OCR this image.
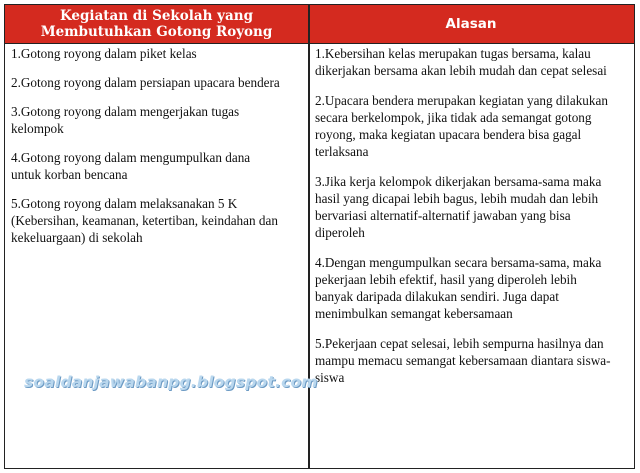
Kegiatan di Sekolah yang
Membutuhkan Gotong Royong	Alasan
1.Gotong royong dalam piket kelas
2.Gotong royong dalam persiapan upacara bendera
3.Gotong royong dalam mengerjakan tugas kelompok
4.Gotong royong dalam mengumpulkan dana untuk korban bencana
5.Gotong royong dalam melaksanakan 5 K (Kebersihan, keamanan, ketertiban, keindahan dan kekeluargaan) di sekolah
1.Kebersihan kelas merupakan tugas bersama, kalau dikerjakan bersama akan lebih mudah dan cepat selesai
2.Upacara bendera merupakan kegiatan yang dilakukan secara berkelompok, jika tidak ada semangat gotong royong, maka kegiatan upacara bendera bisa gagal terlaksana
3.Jika kerja kelompok dikerjakan bersama-sama maka hasil yang dicapai lebih bagus, lebih mudah dan lebih bervariasi alternatif-alternatif jawaban yang bisa diperoleh
4.Dengan mengumpulkan secara bersama-sama, maka pekerjaan lebih efektif, hasil yang diperoleh lebih banyak daripada dilakukan sendiri. Juga dapat menimbulkan semangat kebersamaan
5.Pekerjaan cepat selesai, lebih sempurna hasilnya dan mampu memacu semangat kebersamaan diantara siswa-siswa
soaldanjawabanpg.blogspot.com
